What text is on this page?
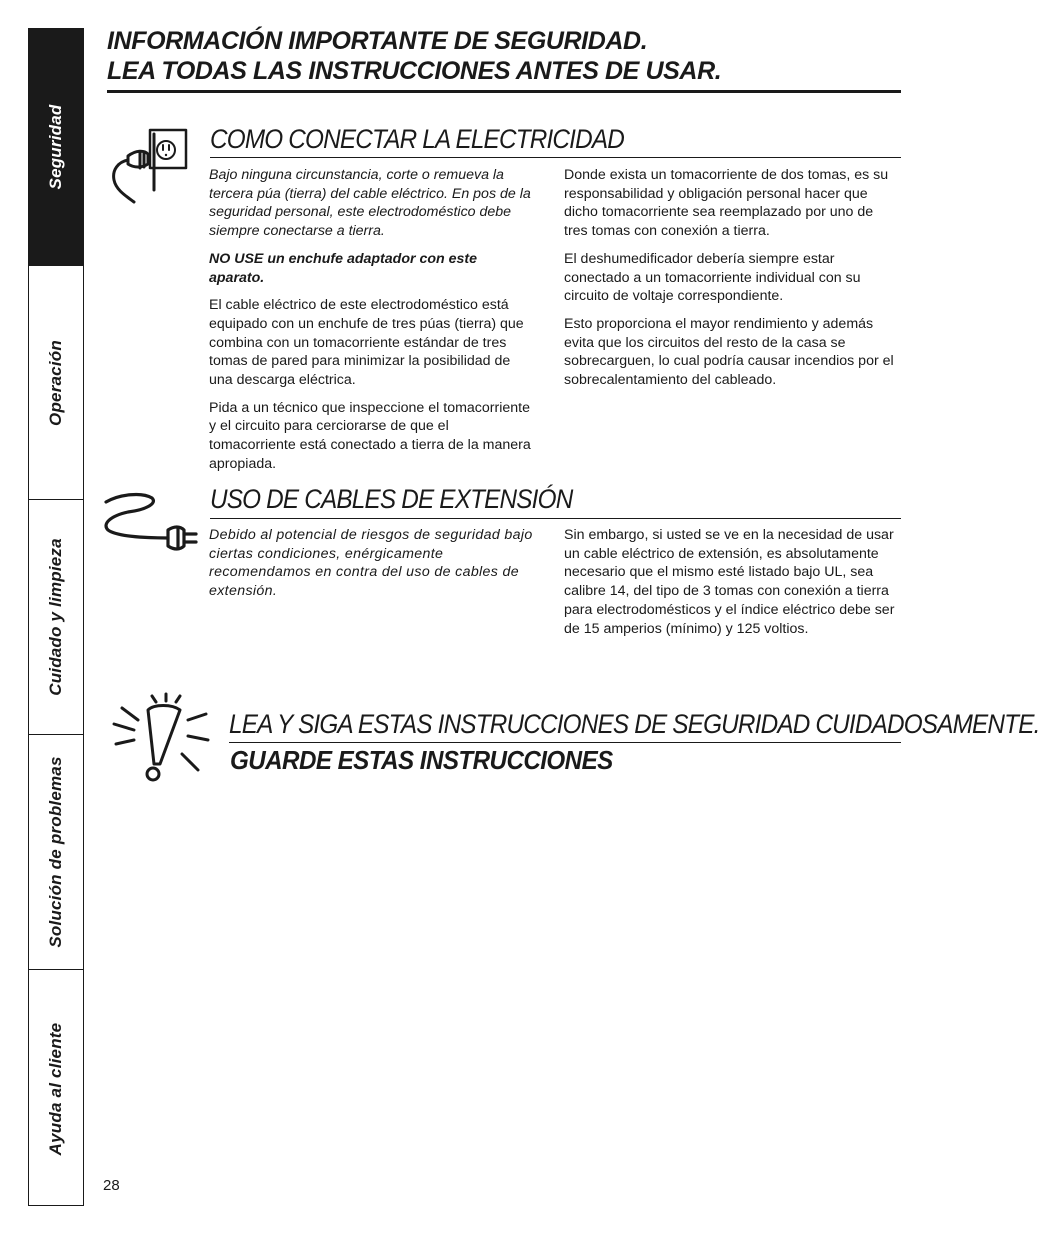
Seguridad
Operación
Cuidado y limpieza
Solución de problemas
Ayuda al cliente
INFORMACIÓN IMPORTANTE DE SEGURIDAD.
LEA TODAS LAS INSTRUCCIONES ANTES DE USAR.
COMO CONECTAR LA ELECTRICIDAD

Bajo ninguna circunstancia, corte o remueva la tercera púa (tierra) del cable eléctrico. En pos de la seguridad personal, este electrodoméstico debe siempre conectarse a tierra.

NO USE un enchufe adaptador con este aparato.

El cable eléctrico de este electrodoméstico está equipado con un enchufe de tres púas (tierra) que combina con un tomacorriente estándar de tres tomas de pared para minimizar la posibilidad de una descarga eléctrica.

Pida a un técnico que inspeccione el tomacorriente y el circuito para cerciorarse de que el tomacorriente está conectado a tierra de la manera apropiada.

Donde exista un tomacorriente de dos tomas, es su responsabilidad y obligación personal hacer que dicho tomacorriente sea reemplazado por uno de tres tomas con conexión a tierra.

El deshumedificador debería siempre estar conectado a un tomacorriente individual con su circuito de voltaje correspondiente.

Esto proporciona el mayor rendimiento y además evita que los circuitos del resto de la casa se sobrecarguen, lo cual podría causar incendios por el sobrecalentamiento del cableado.

USO DE CABLES DE EXTENSIÓN

Debido al potencial de riesgos de seguridad bajo ciertas condiciones, enérgicamente recomendamos en contra del uso de cables de extensión.

Sin embargo, si usted se ve en la necesidad de usar un cable eléctrico de extensión, es absolutamente necesario que el mismo esté listado bajo UL, sea calibre 14, del tipo de 3 tomas con conexión a tierra para electrodomésticos y el índice eléctrico debe ser de 15 amperios (mínimo) y 125 voltios.

LEA Y SIGA ESTAS INSTRUCCIONES DE SEGURIDAD CUIDADOSAMENTE.
GUARDE ESTAS INSTRUCCIONES
28
